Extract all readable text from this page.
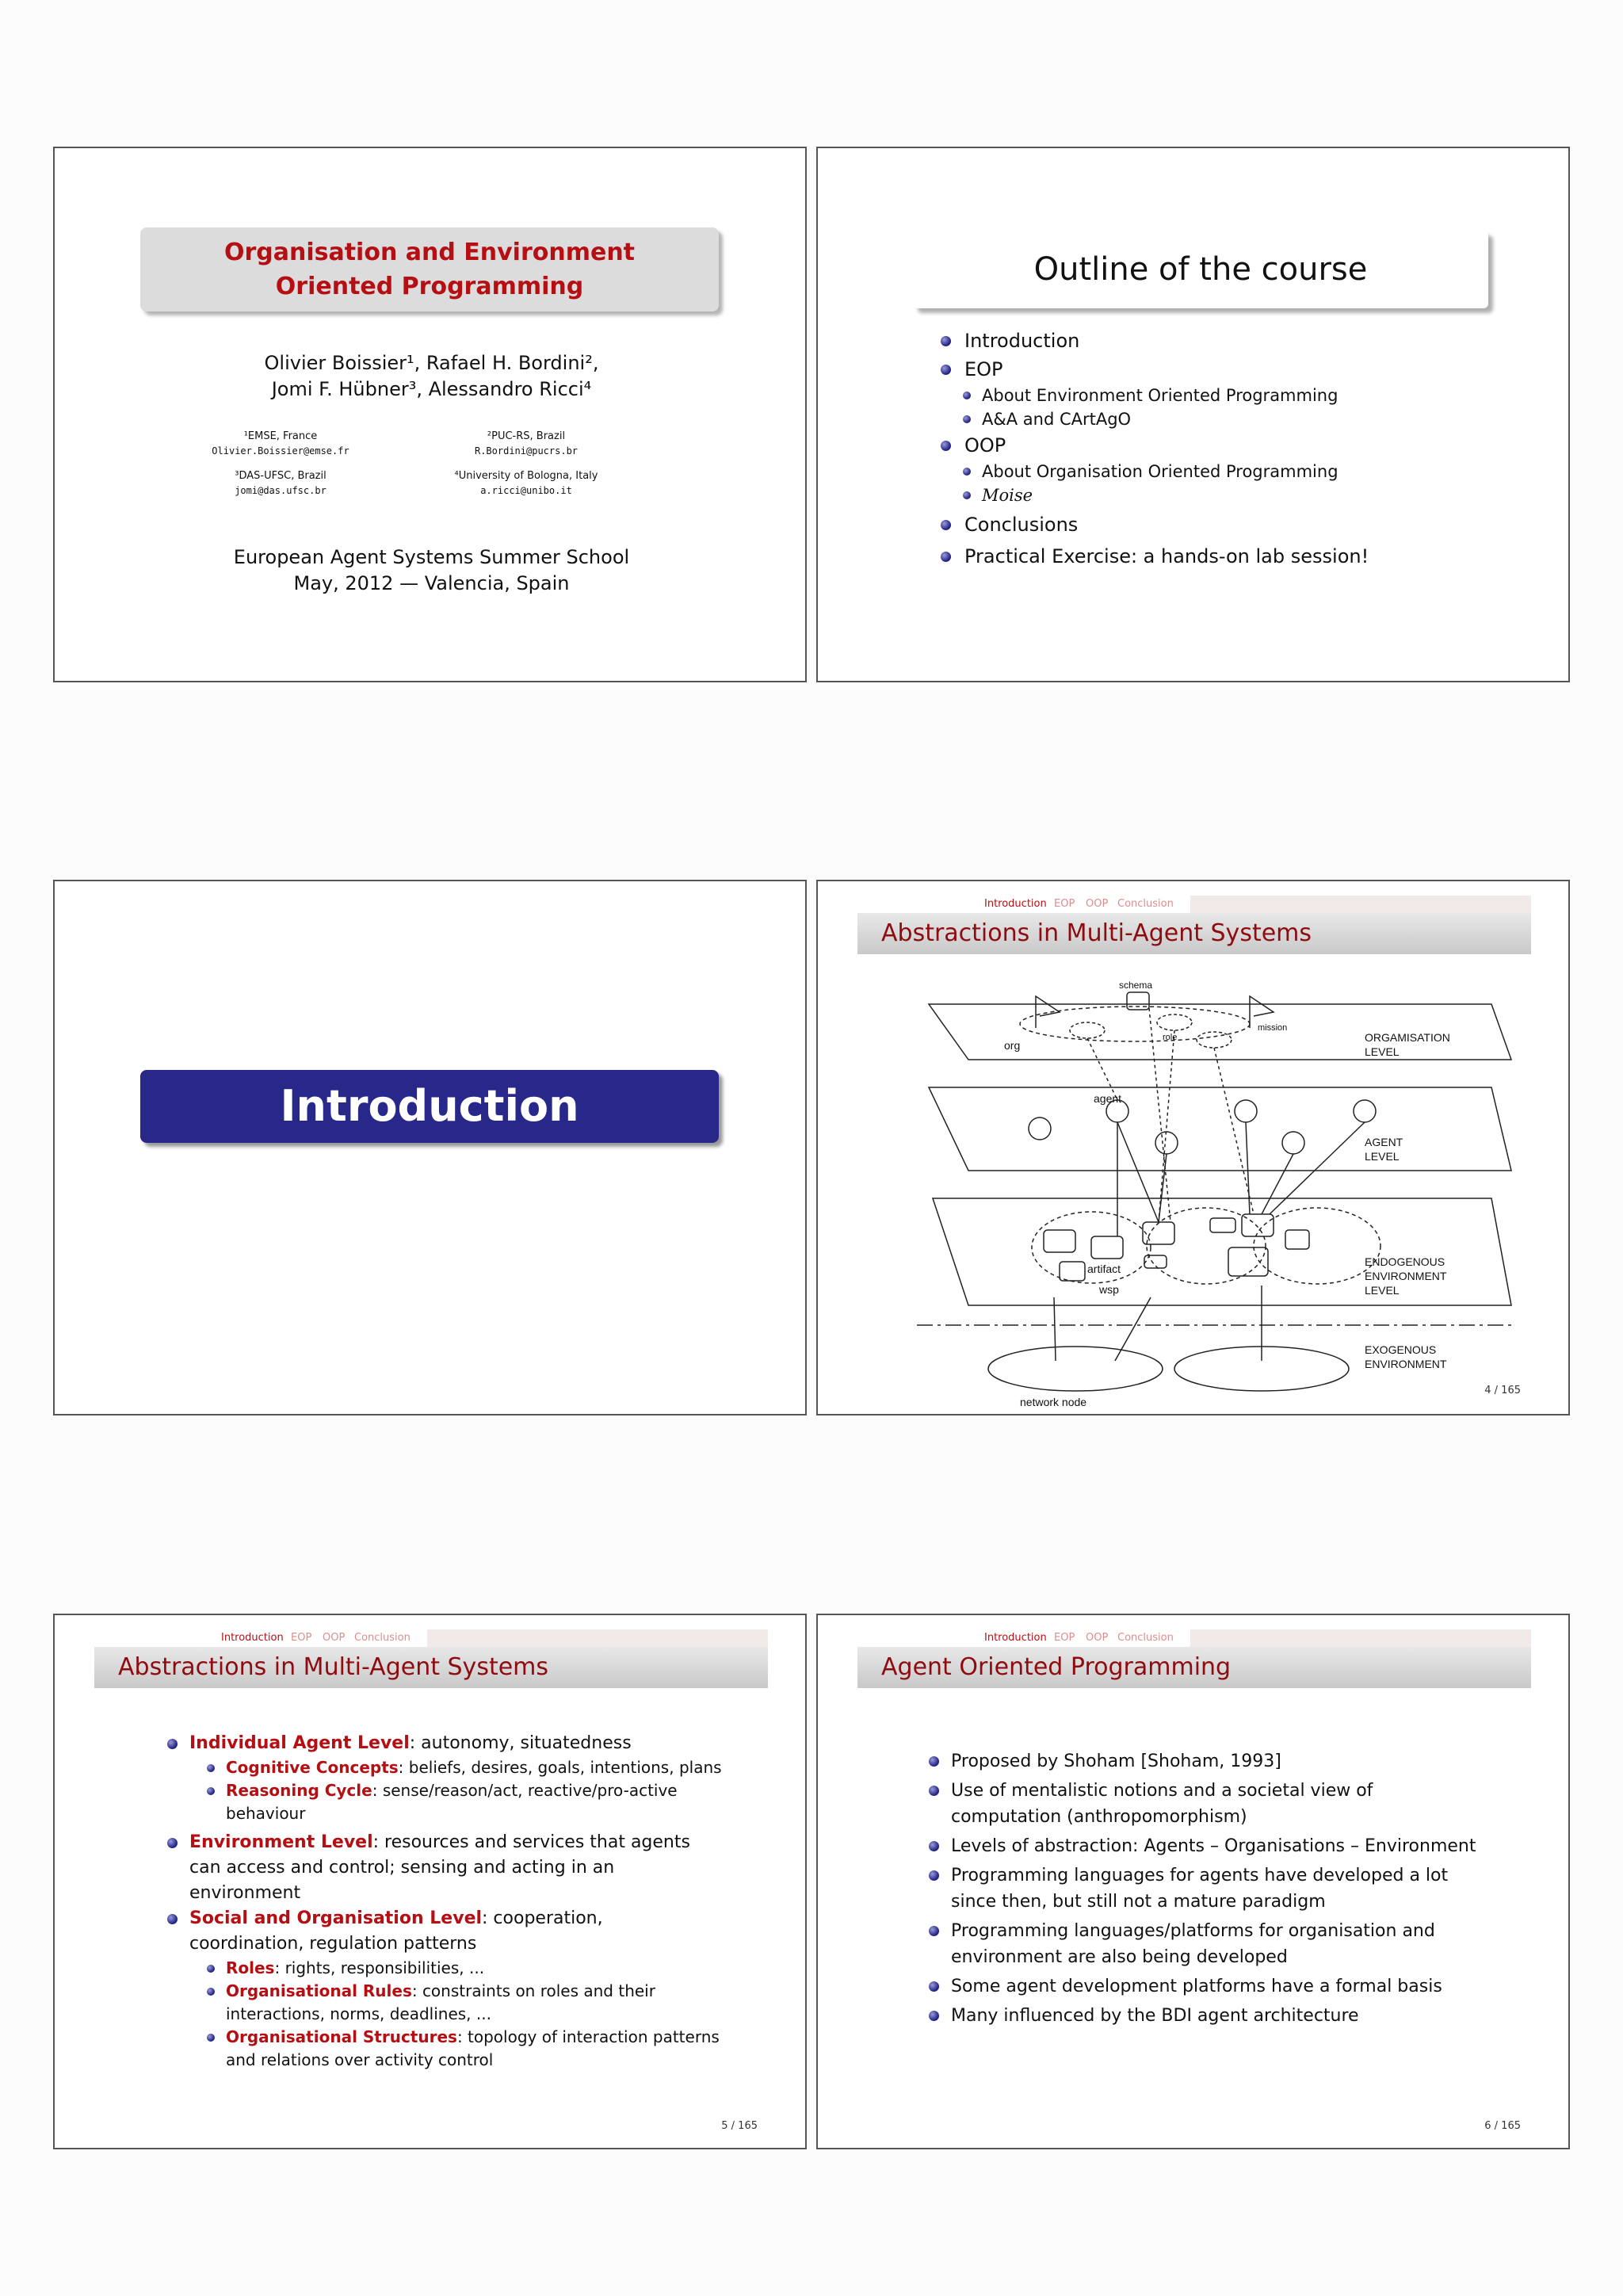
Organisation and Environment
Oriented Programming
Olivier Boissier¹, Rafael H. Bordini²,
Jomi F. Hübner³, Alessandro Ricci⁴
¹EMSE, France
Olivier.Boissier@emse.fr
²PUC-RS, Brazil
R.Bordini@pucrs.br
³DAS-UFSC, Brazil
jomi@das.ufsc.br
⁴University of Bologna, Italy
a.ricci@unibo.it
European Agent Systems Summer School
May, 2012 — Valencia, Spain
Outline of the course
Introduction
EOP
About Environment Oriented Programming
A&A and CArtAgO
OOP
About Organisation Oriented Programming
Moise
Conclusions
Practical Exercise: a hands-on lab session!
Introduction
Introduction EOP OOP Conclusion
Abstractions in Multi-Agent Systems
schema
mission
role
org
ORGAMISATION
LEVEL
agent
AGENT
LEVEL
artifact
wsp
ENDOGENOUS
ENVIRONMENT
LEVEL
EXOGENOUS
ENVIRONMENT
network node
4 / 165
Introduction EOP OOP Conclusion
Abstractions in Multi-Agent Systems
Individual Agent Level: autonomy, situatedness
Cognitive Concepts: beliefs, desires, goals, intentions, plans
Reasoning Cycle: sense/reason/act, reactive/pro-active behaviour
Environment Level: resources and services that agents can access and control; sensing and acting in an environment
Social and Organisation Level: cooperation, coordination, regulation patterns
Roles: rights, responsibilities, ...
Organisational Rules: constraints on roles and their interactions, norms, deadlines, ...
Organisational Structures: topology of interaction patterns and relations over activity control
5 / 165
Introduction EOP OOP Conclusion
Agent Oriented Programming
Proposed by Shoham [Shoham, 1993]
Use of mentalistic notions and a societal view of computation (anthropomorphism)
Levels of abstraction: Agents – Organisations – Environment
Programming languages for agents have developed a lot since then, but still not a mature paradigm
Programming languages/platforms for organisation and environment are also being developed
Some agent development platforms have a formal basis
Many influenced by the BDI agent architecture
6 / 165
